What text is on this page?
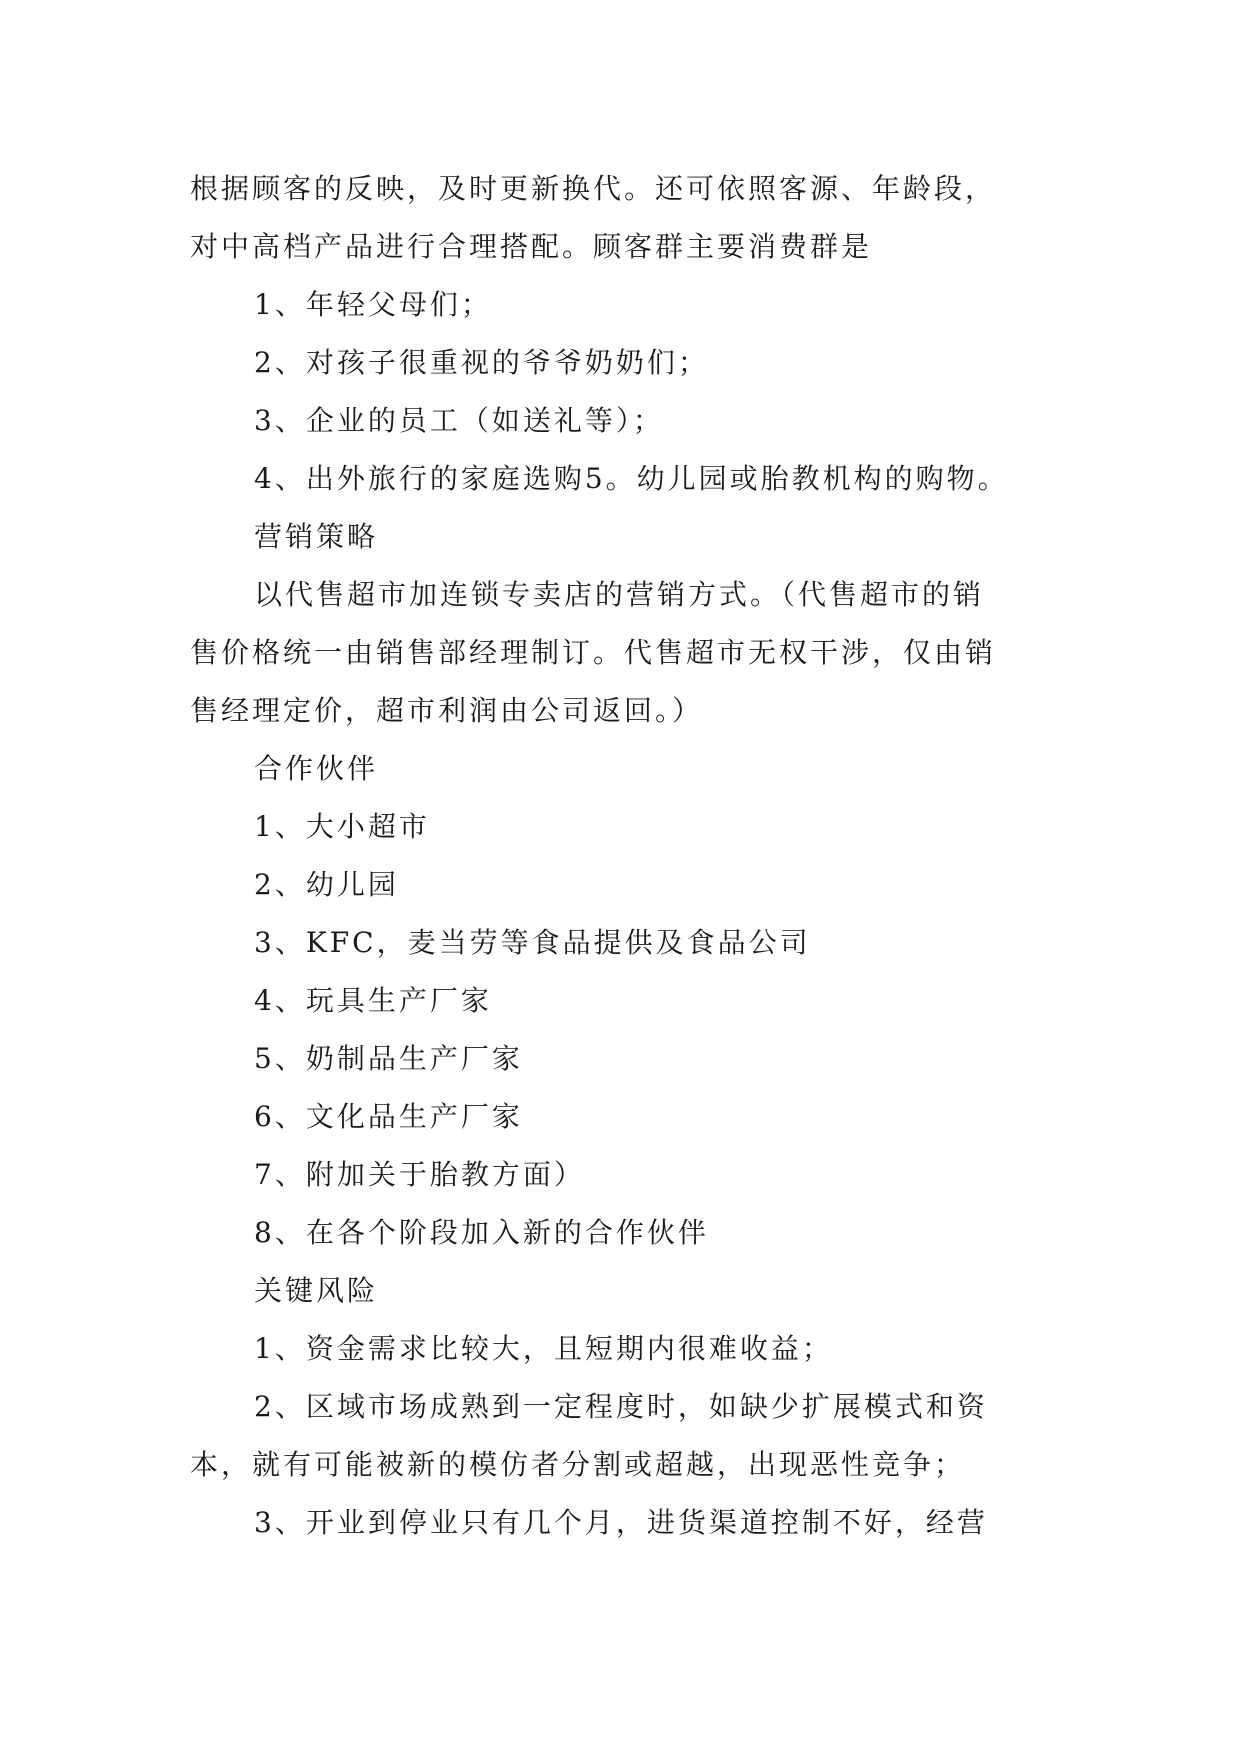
根据顾客的反映，及时更新换代。还可依照客源、年龄段，
对中高档产品进行合理搭配。顾客群主要消费群是
1、年轻父母们；
2、对孩子很重视的爷爷奶奶们；
3、企业的员工（如送礼等）；
4、出外旅行的家庭选购5。幼儿园或胎教机构的购物。
营销策略
以代售超市加连锁专卖店的营销方式。（代售超市的销
售价格统一由销售部经理制订。代售超市无权干涉，仅由销
售经理定价，超市利润由公司返回。）
合作伙伴
1、大小超市
2、幼儿园
3、KFC，麦当劳等食品提供及食品公司
4、玩具生产厂家
5、奶制品生产厂家
6、文化品生产厂家
7、附加关于胎教方面）
8、在各个阶段加入新的合作伙伴
关键风险
1、资金需求比较大，且短期内很难收益；
2、区域市场成熟到一定程度时，如缺少扩展模式和资
本，就有可能被新的模仿者分割或超越，出现恶性竞争；
3、开业到停业只有几个月，进货渠道控制不好，经营
